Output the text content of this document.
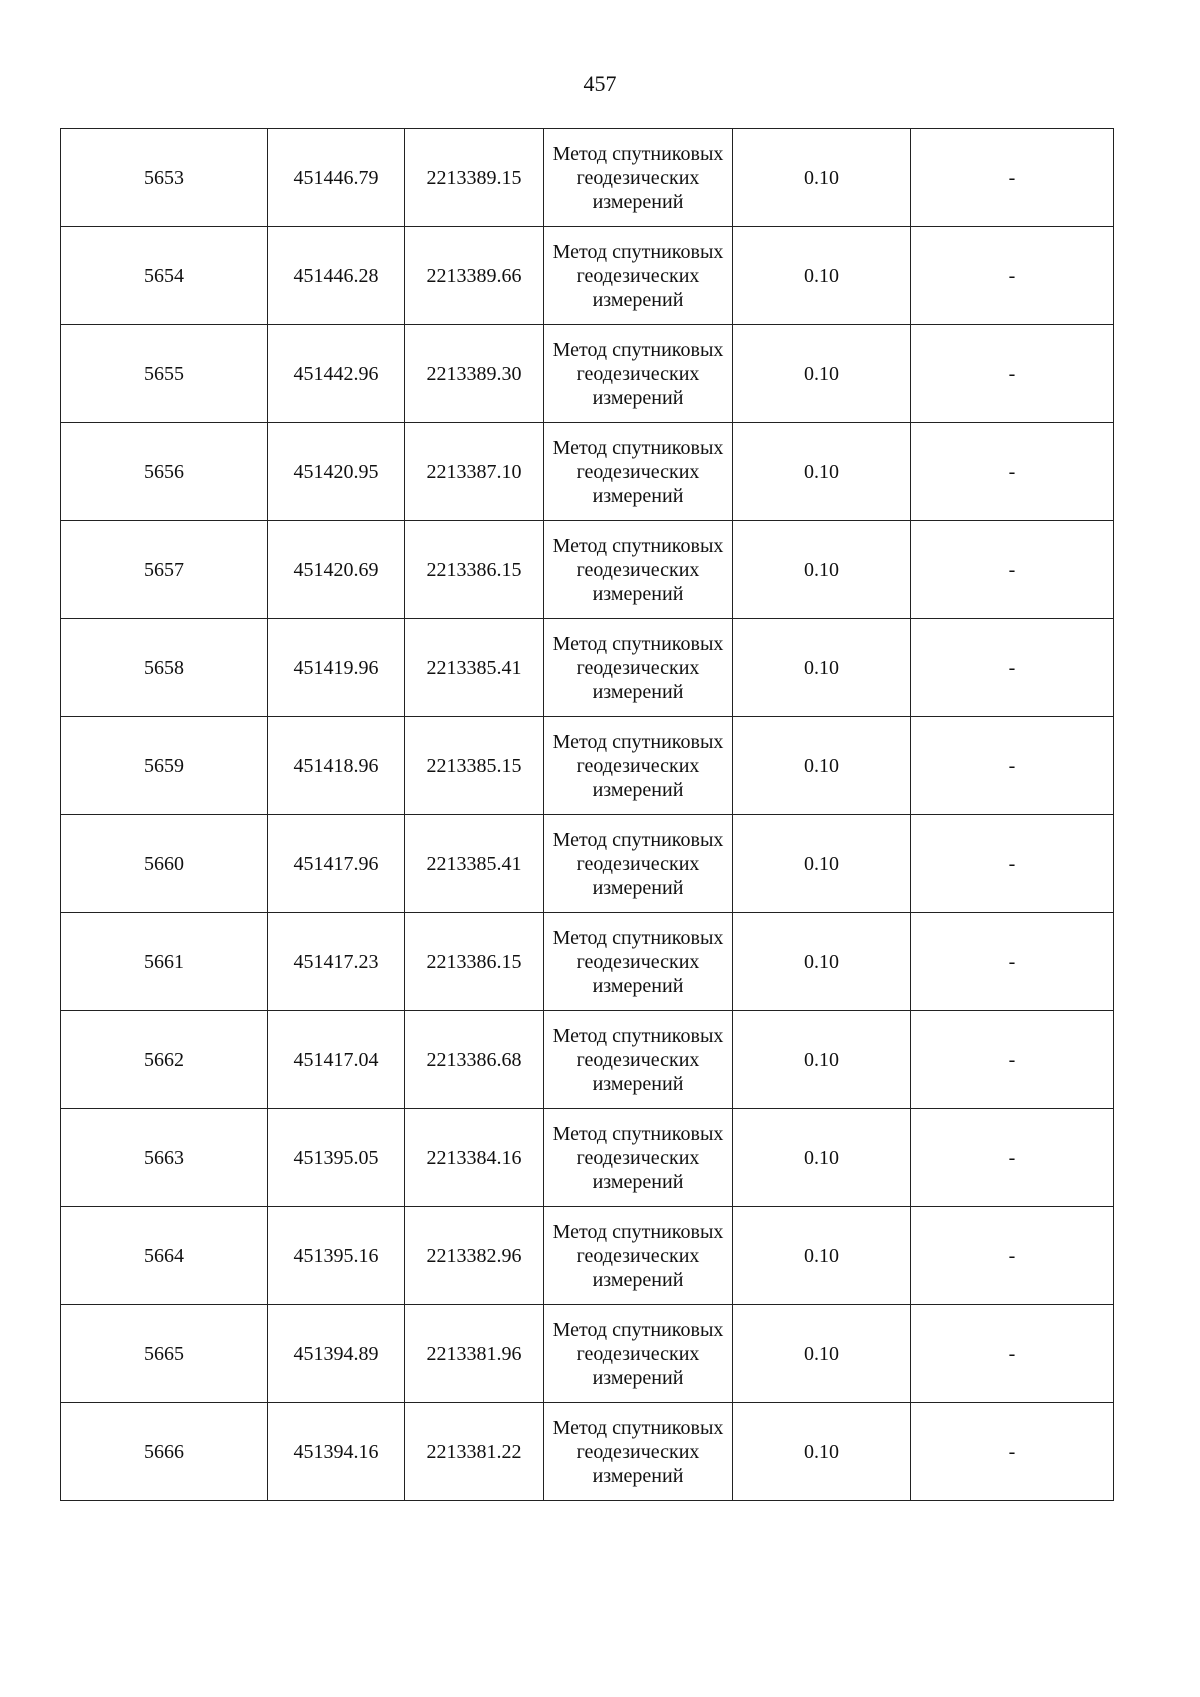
457
5653	451446.79	2213389.15	Метод спутниковых геодезических измерений	0.10	-
5654	451446.28	2213389.66	Метод спутниковых геодезических измерений	0.10	-
5655	451442.96	2213389.30	Метод спутниковых геодезических измерений	0.10	-
5656	451420.95	2213387.10	Метод спутниковых геодезических измерений	0.10	-
5657	451420.69	2213386.15	Метод спутниковых геодезических измерений	0.10	-
5658	451419.96	2213385.41	Метод спутниковых геодезических измерений	0.10	-
5659	451418.96	2213385.15	Метод спутниковых геодезических измерений	0.10	-
5660	451417.96	2213385.41	Метод спутниковых геодезических измерений	0.10	-
5661	451417.23	2213386.15	Метод спутниковых геодезических измерений	0.10	-
5662	451417.04	2213386.68	Метод спутниковых геодезических измерений	0.10	-
5663	451395.05	2213384.16	Метод спутниковых геодезических измерений	0.10	-
5664	451395.16	2213382.96	Метод спутниковых геодезических измерений	0.10	-
5665	451394.89	2213381.96	Метод спутниковых геодезических измерений	0.10	-
5666	451394.16	2213381.22	Метод спутниковых геодезических измерений	0.10	-
